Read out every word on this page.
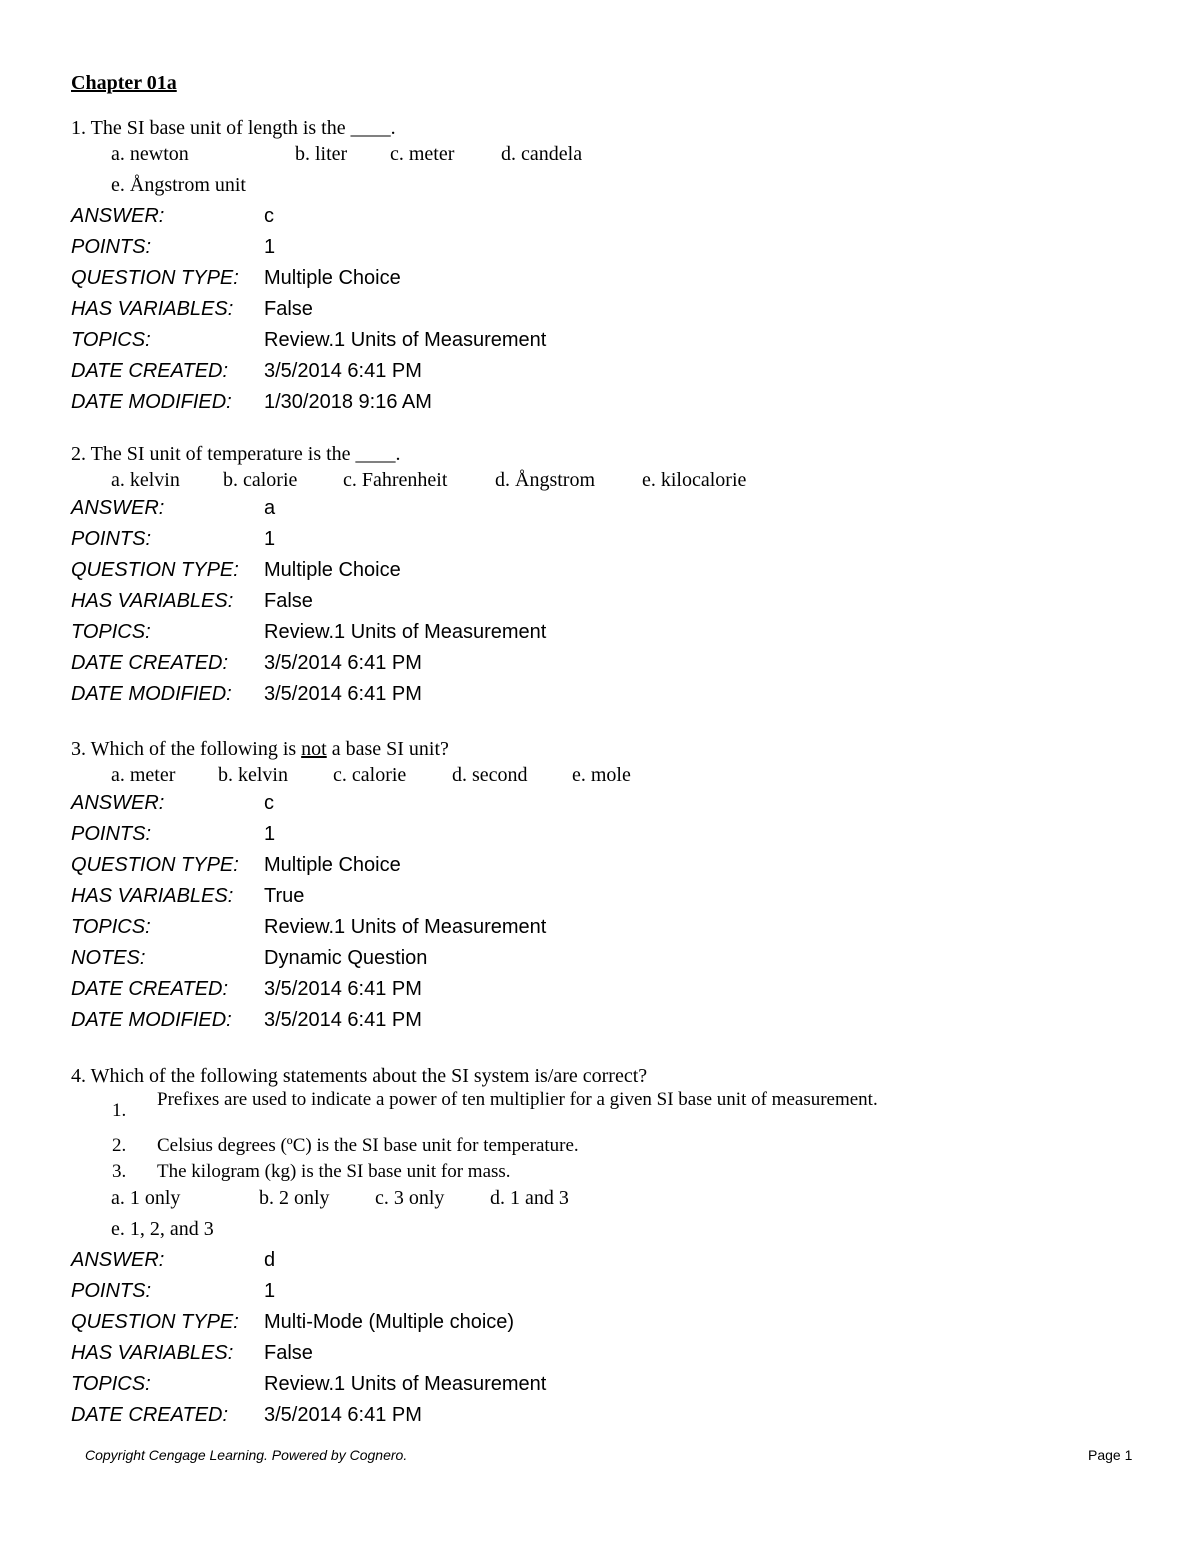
Chapter 01a
1. The SI base unit of length is the ____.
a. newton	b. liter c. meter d. candela
e. Ångstrom unit
ANSWER:	c
POINTS:	1
QUESTION TYPE: Multiple Choice
HAS VARIABLES: False
TOPICS:	Review.1 Units of Measurement
DATE CREATED: 3/5/2014 6:41 PM
DATE MODIFIED: 1/30/2018 9:16 AM
2. The SI unit of temperature is the ____.
a. kelvin b. calorie c. Fahrenheit d. Ångstrom e. kilocalorie
ANSWER:	a
POINTS:	1
QUESTION TYPE: Multiple Choice
HAS VARIABLES: False
TOPICS:	Review.1 Units of Measurement
DATE CREATED: 3/5/2014 6:41 PM
DATE MODIFIED: 3/5/2014 6:41 PM
3. Which of the following is not a base SI unit?
a. meter b. kelvin c. calorie d. second e. mole
ANSWER:	c
POINTS:	1
QUESTION TYPE: Multiple Choice
HAS VARIABLES: True
TOPICS:	Review.1 Units of Measurement
NOTES:	Dynamic Question
DATE CREATED: 3/5/2014 6:41 PM
DATE MODIFIED: 3/5/2014 6:41 PM
4. Which of the following statements about the SI system is/are correct?
1.
Prefixes are used to indicate a power of ten multiplier for a given SI base unit of measurement.
2. Celsius degrees (ºC) is the SI base unit for temperature.
3. The kilogram (kg) is the SI base unit for mass.
a. 1 only	b. 2 only c. 3 only d. 1 and 3
e. 1, 2, and 3
ANSWER:	d
POINTS:	1
QUESTION TYPE: Multi-Mode (Multiple choice)
HAS VARIABLES: False
TOPICS:	Review.1 Units of Measurement
DATE CREATED: 3/5/2014 6:41 PM
Copyright Cengage Learning. Powered by Cognero.	Page 1
